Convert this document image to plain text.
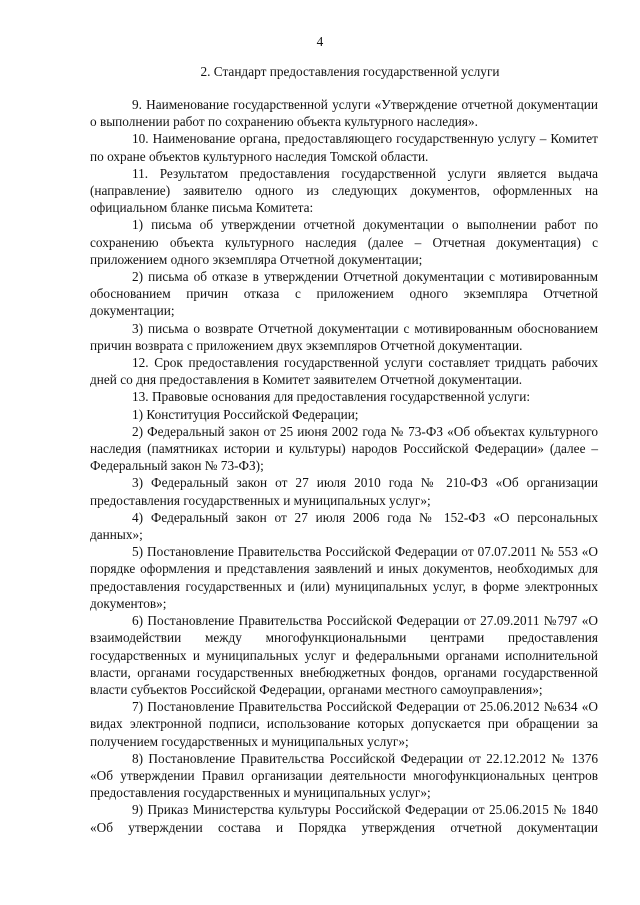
4
2. Стандарт предоставления государственной услуги

9. Наименование государственной услуги «Утверждение отчетной документации о выполнении работ по сохранению объекта культурного наследия».

10. Наименование органа, предоставляющего государственную услугу – Комитет по охране объектов культурного наследия Томской области.

11. Результатом предоставления государственной услуги является выдача (направление) заявителю одного из следующих документов, оформленных на официальном бланке письма Комитета:

1) письма об утверждении отчетной документации о выполнении работ по сохранению объекта культурного наследия (далее – Отчетная документация) с приложением одного экземпляра Отчетной документации;

2) письма об отказе в утверждении Отчетной документации с мотивированным обоснованием причин отказа с приложением одного экземпляра Отчетной документации;

3) письма о возврате Отчетной документации с мотивированным обоснованием причин возврата с приложением двух экземпляров Отчетной документации.

12. Срок предоставления государственной услуги составляет тридцать рабочих дней со дня предоставления в Комитет заявителем Отчетной документации.

13. Правовые основания для предоставления государственной услуги:

1) Конституция Российской Федерации;

2) Федеральный закон от 25 июня 2002 года № 73-ФЗ «Об объектах культурного наследия (памятниках истории и культуры) народов Российской Федерации» (далее – Федеральный закон № 73-ФЗ);

3) Федеральный закон от 27 июля 2010 года № 210-ФЗ «Об организации предоставления государственных и муниципальных услуг»;

4) Федеральный закон от 27 июля 2006 года № 152-ФЗ «О персональных данных»;

5) Постановление Правительства Российской Федерации от 07.07.2011 № 553 «О порядке оформления и представления заявлений и иных документов, необходимых для предоставления государственных и (или) муниципальных услуг, в форме электронных документов»;

6) Постановление Правительства Российской Федерации от 27.09.2011 №797 «О взаимодействии между многофункциональными центрами предоставления государственных и муниципальных услуг и федеральными органами исполнительной власти, органами государственных внебюджетных фондов, органами государственной власти субъектов Российской Федерации, органами местного самоуправления»;

7) Постановление Правительства Российской Федерации от 25.06.2012 №634 «О видах электронной подписи, использование которых допускается при обращении за получением государственных и муниципальных услуг»;

8) Постановление Правительства Российской Федерации от 22.12.2012 № 1376 «Об утверждении Правил организации деятельности многофункциональных центров предоставления государственных и муниципальных услуг»;

9) Приказ Министерства культуры Российской Федерации от 25.06.2015 № 1840 «Об утверждении состава и Порядка утверждения отчетной документации
